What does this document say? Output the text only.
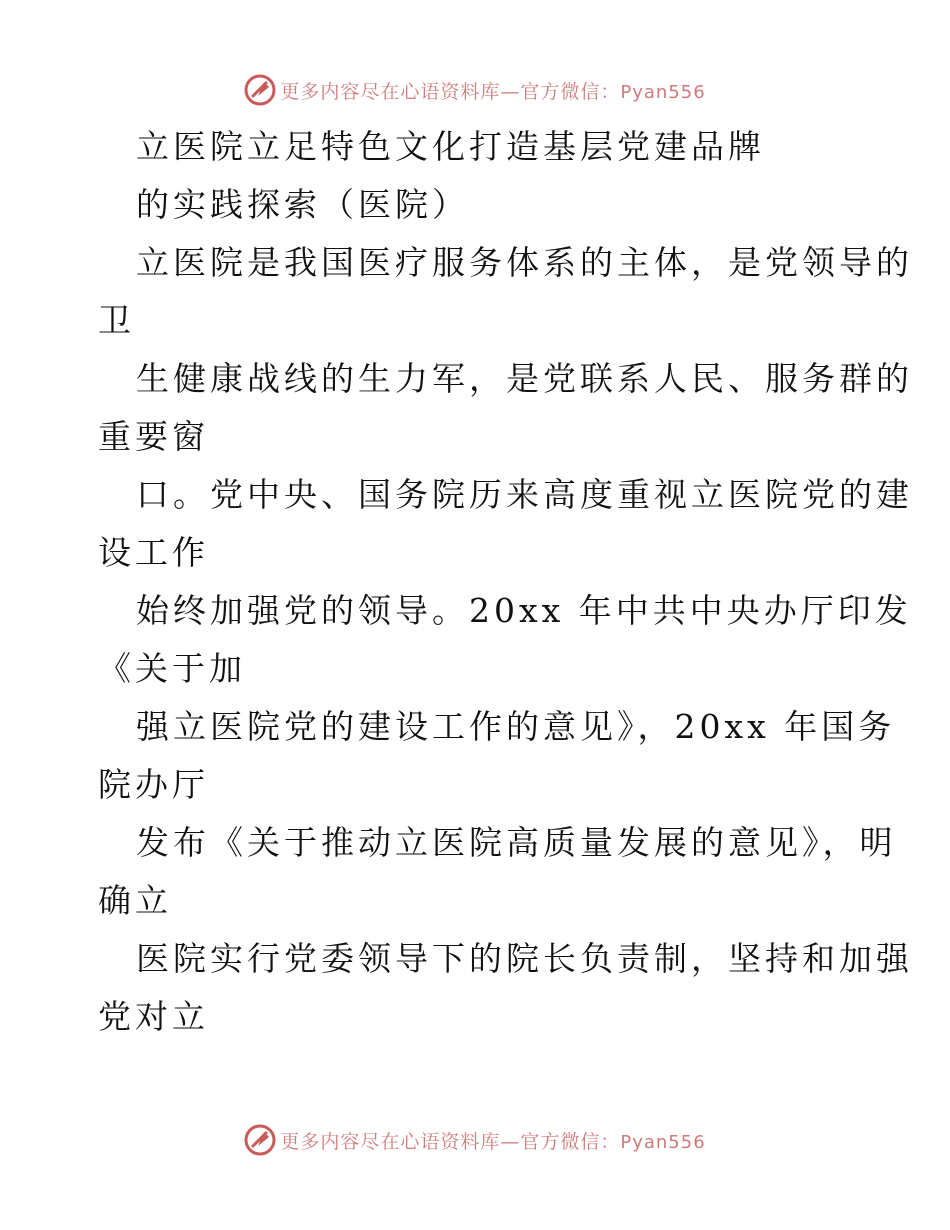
更多内容尽在心语资料库—官方微信：Pyan556
立医院立足特色文化打造基层党建品牌
的实践探索（医院）
立医院是我国医疗服务体系的主体，是党领导的
卫
生健康战线的生力军，是党联系人民、服务群的
重要窗
口。党中央、国务院历来高度重视立医院党的建
设工作
始终加强党的领导。20xx 年中共中央办厅印发
《关于加
强立医院党的建设工作的意见》，20xx 年国务
院办厅
发布《关于推动立医院高质量发展的意见》，明
确立
医院实行党委领导下的院长负责制，坚持和加强
党对立
更多内容尽在心语资料库—官方微信：Pyan556
